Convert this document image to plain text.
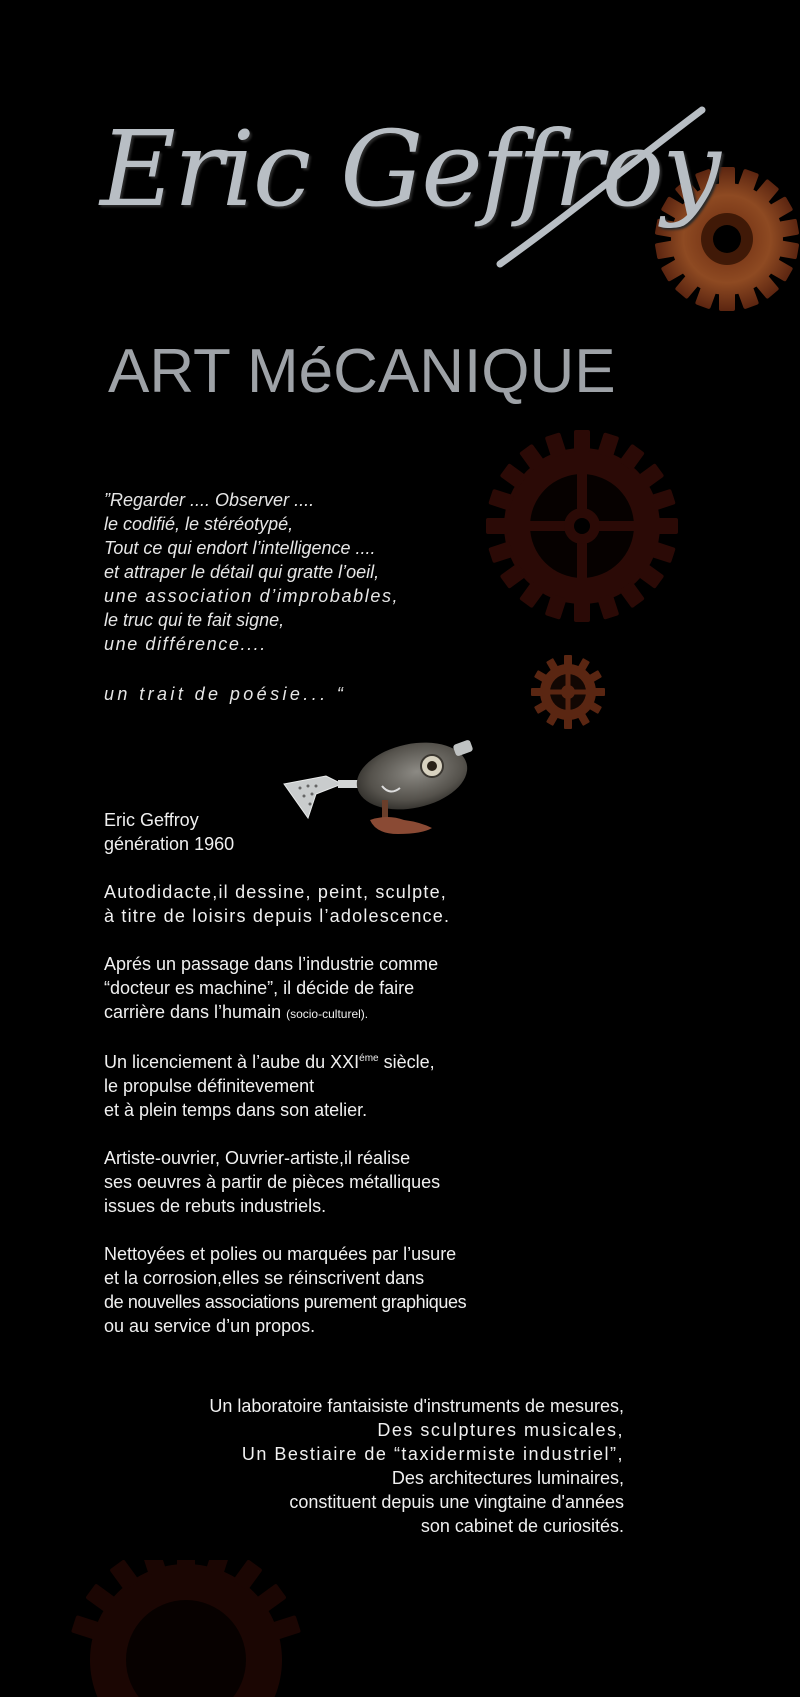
Eric Geffroy
ART MéCANIQUE
”Regarder .... Observer ....
le codifié, le stéréotypé,
Tout ce qui endort l’intelligence ....
et attraper le détail qui gratte l’oeil,
une association d’improbables,
le truc qui te fait signe,
une différence....
un trait de poésie... “

Eric Geffroy
génération 1960

Autodidacte,il dessine, peint, sculpte,
à titre de loisirs depuis l’adolescence.

Aprés un passage dans l’industrie comme
“docteur es machine”, il décide de faire
carrière dans l’humain (socio-culturel).

Un licenciement à l’aube du $XXI^{éme}$ siècle,
le propulse définitevement
et à plein temps dans son atelier.

Artiste-ouvrier, Ouvrier-artiste,il réalise
ses oeuvres à partir de pièces métalliques
issues de rebuts industriels.

Nettoyées et polies ou marquées par l’usure
et la corrosion,elles se réinscrivent dans
de nouvelles associations purement graphiques
ou au service d’un propos.

Un laboratoire fantaisiste d'instruments de mesures,
Des sculptures musicales,
Un Bestiaire de “taxidermiste industriel”,
Des architectures luminaires,
constituent depuis une vingtaine d'années
son cabinet de curiosités.
